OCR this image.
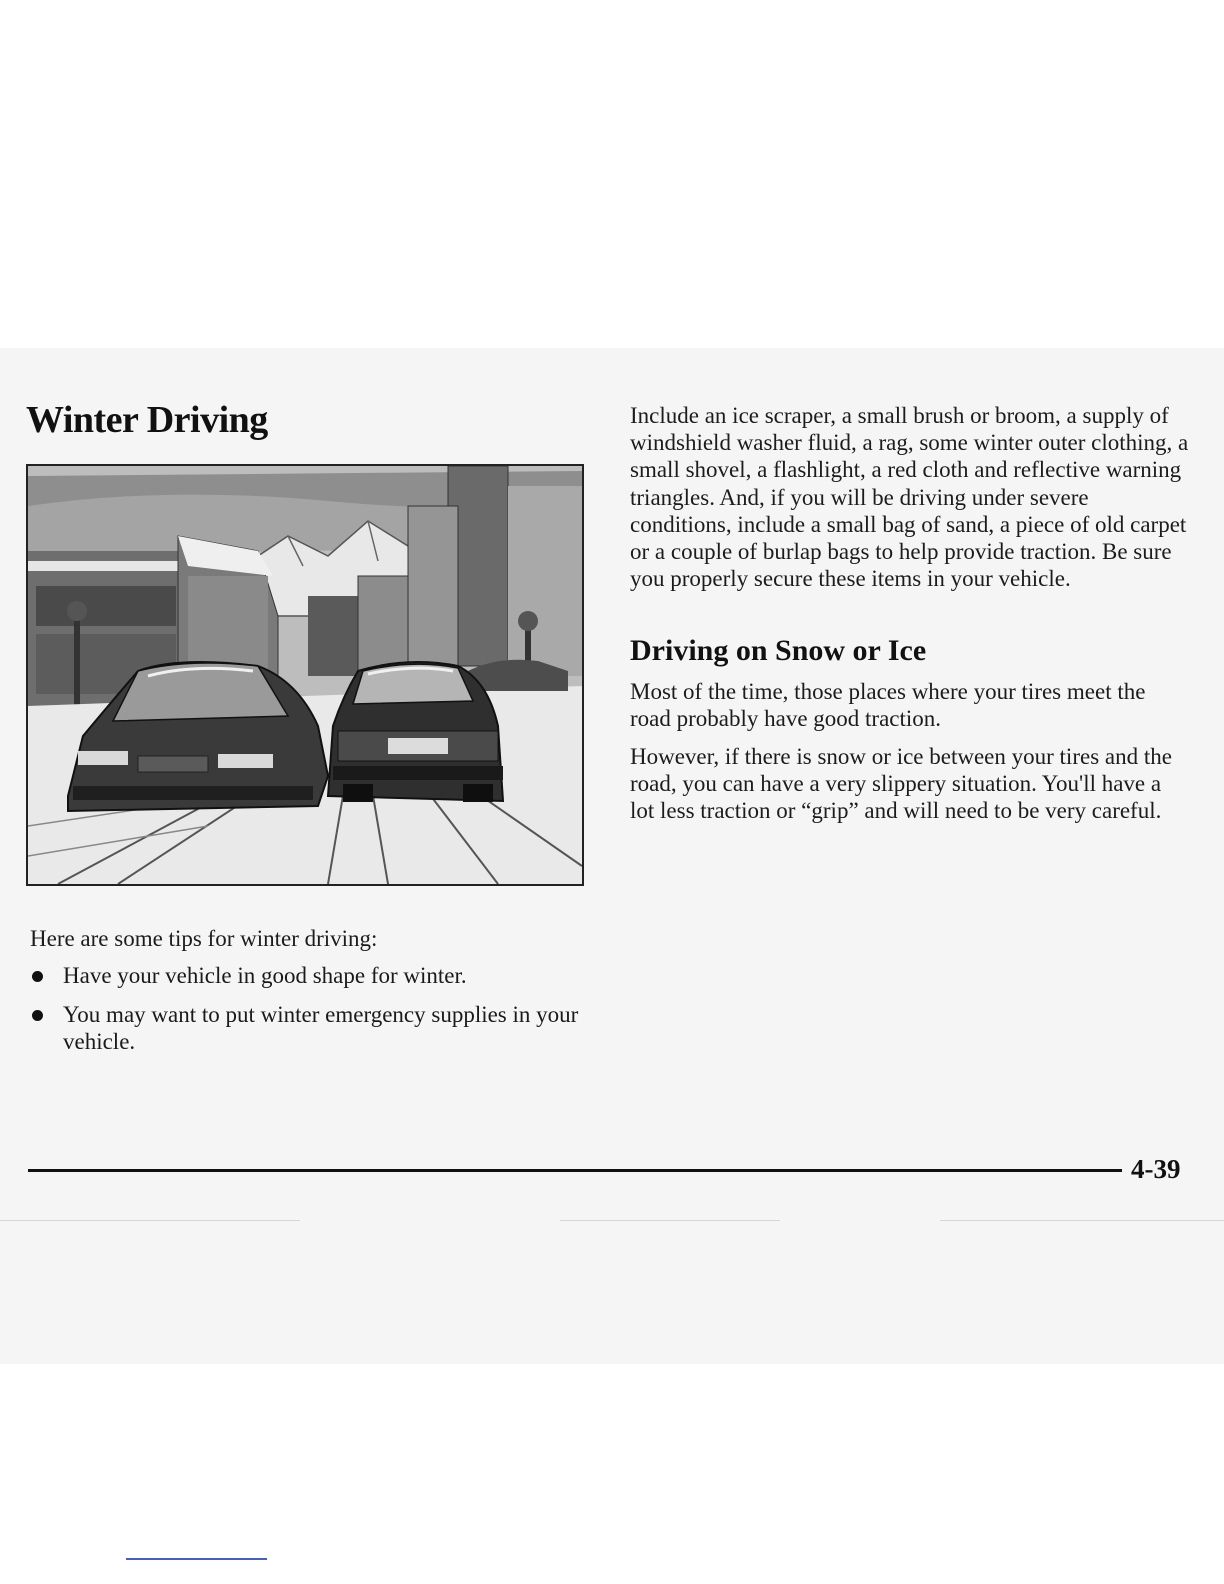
Winter Driving

Here are some tips for winter driving:

Have your vehicle in good shape for winter.
You may want to put winter emergency supplies in your vehicle.

Include an ice scraper, a small brush or broom, a supply of windshield washer fluid, a rag, some winter outer clothing, a small shovel, a flashlight, a red cloth and reflective warning triangles. And, if you will be driving under severe conditions, include a small bag of sand, a piece of old carpet or a couple of burlap bags to help provide traction. Be sure you properly secure these items in your vehicle.

Driving on Snow or Ice

Most of the time, those places where your tires meet the road probably have good traction.

However, if there is snow or ice between your tires and the road, you can have a very slippery situation. You'll have a lot less traction or “grip” and will need to be very careful.

4-39
